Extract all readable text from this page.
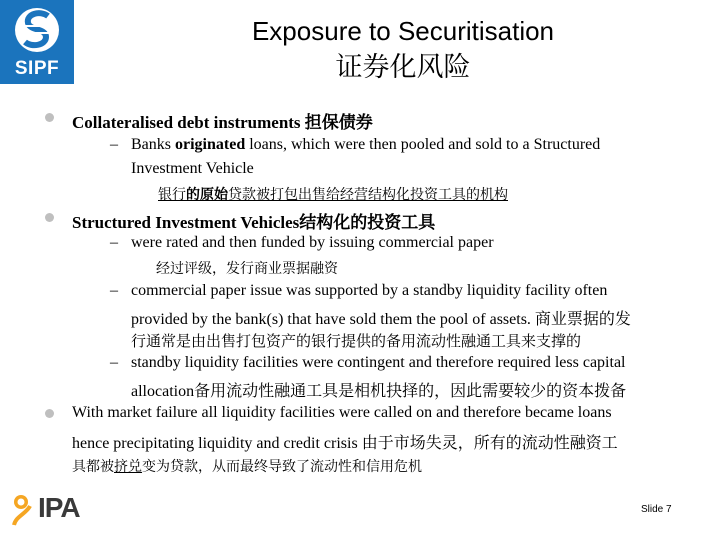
SIPF
Exposure to Securitisation
证券化风险
Collateralised debt instruments 担保债券
– Banks originated loans, which were then pooled and sold to a Structured
Investment Vehicle
银行的原始贷款被打包出售给经营结构化投资工具的机构
Structured Investment Vehicles结构化的投资工具
– were rated and then funded by issuing commercial paper
经过评级，发行商业票据融资
– commercial paper issue was supported by a standby liquidity facility often
provided by the bank(s) that have sold them the pool of assets. 商业票据的发
行通常是由出售打包资产的银行提供的备用流动性融通工具来支撑的
– standby liquidity facilities were contingent and therefore required less capital
allocation备用流动性融通工具是相机抉择的，因此需要较少的资本拨备
With market failure all liquidity facilities were called on and therefore became loans
hence precipitating liquidity and credit crisis 由于市场失灵，所有的流动性融资工
具都被挤兑变为贷款，从而最终导致了流动性和信用危机
IPA	Slide 7
